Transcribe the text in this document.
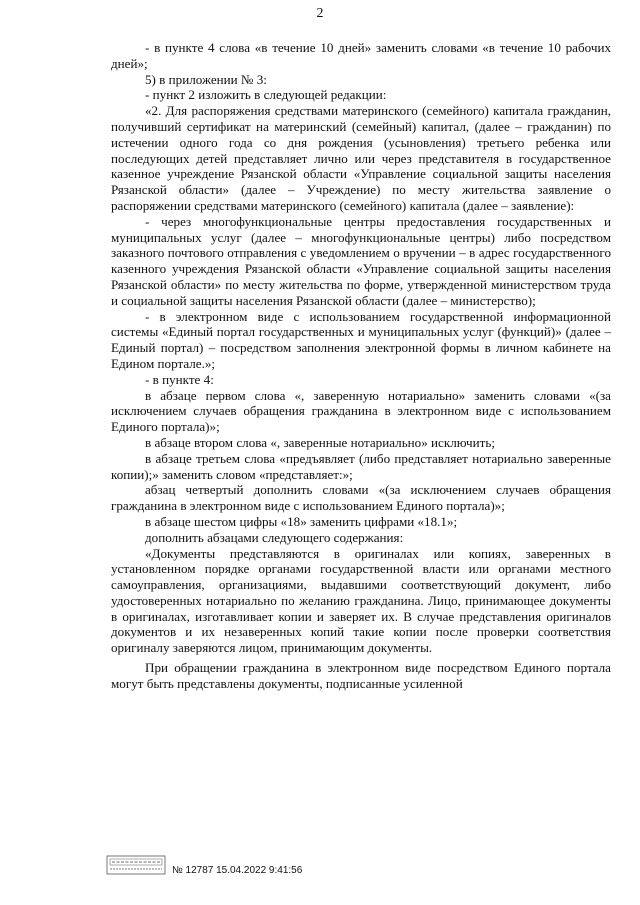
2

- в пункте 4 слова «в течение 10 дней» заменить словами «в течение 10 рабочих дней»;

5) в приложении № 3:

- пункт 2 изложить в следующей редакции:

«2. Для распоряжения средствами материнского (семейного) капитала гражданин, получивший сертификат на материнский (семейный) капитал, (далее – гражданин) по истечении одного года со дня рождения (усыновления) третьего ребенка или последующих детей представляет лично или через представителя в государственное казенное учреждение Рязанской области «Управление социальной защиты населения Рязанской области» (далее – Учреждение) по месту жительства заявление о распоряжении средствами материнского (семейного) капитала (далее – заявление):

- через многофункциональные центры предоставления государственных и муниципальных услуг (далее – многофункциональные центры) либо посредством заказного почтового отправления с уведомлением о вручении – в адрес государственного казенного учреждения Рязанской области «Управление социальной защиты населения Рязанской области» по месту жительства по форме, утвержденной министерством труда и социальной защиты населения Рязанской области (далее – министерство);

- в электронном виде с использованием государственной информационной системы «Единый портал государственных и муниципальных услуг (функций)» (далее – Единый портал) – посредством заполнения электронной формы в личном кабинете на Едином портале.»;

- в пункте 4:

в абзаце первом слова «, заверенную нотариально» заменить словами «(за исключением случаев обращения гражданина в электронном виде с использованием Единого портала)»;

в абзаце втором слова «, заверенные нотариально» исключить;

в абзаце третьем слова «предъявляет (либо представляет нотариально заверенные копии);» заменить словом «представляет:»;

абзац четвертый дополнить словами «(за исключением случаев обращения гражданина в электронном виде с использованием Единого портала)»;

в абзаце шестом цифры «18» заменить цифрами «18.1»;

дополнить абзацами следующего содержания:

«Документы представляются в оригиналах или копиях, заверенных в установленном порядке органами государственной власти или органами местного самоуправления, организациями, выдавшими соответствующий документ, либо удостоверенных нотариально по желанию гражданина. Лицо, принимающее документы в оригиналах, изготавливает копии и заверяет их. В случае представления оригиналов документов и их незаверенных копий такие копии после проверки соответствия оригиналу заверяются лицом, принимающим документы.

При обращении гражданина в электронном виде посредством Единого портала могут быть представлены документы, подписанные усиленной

№ 12787 15.04.2022 9:41:56
